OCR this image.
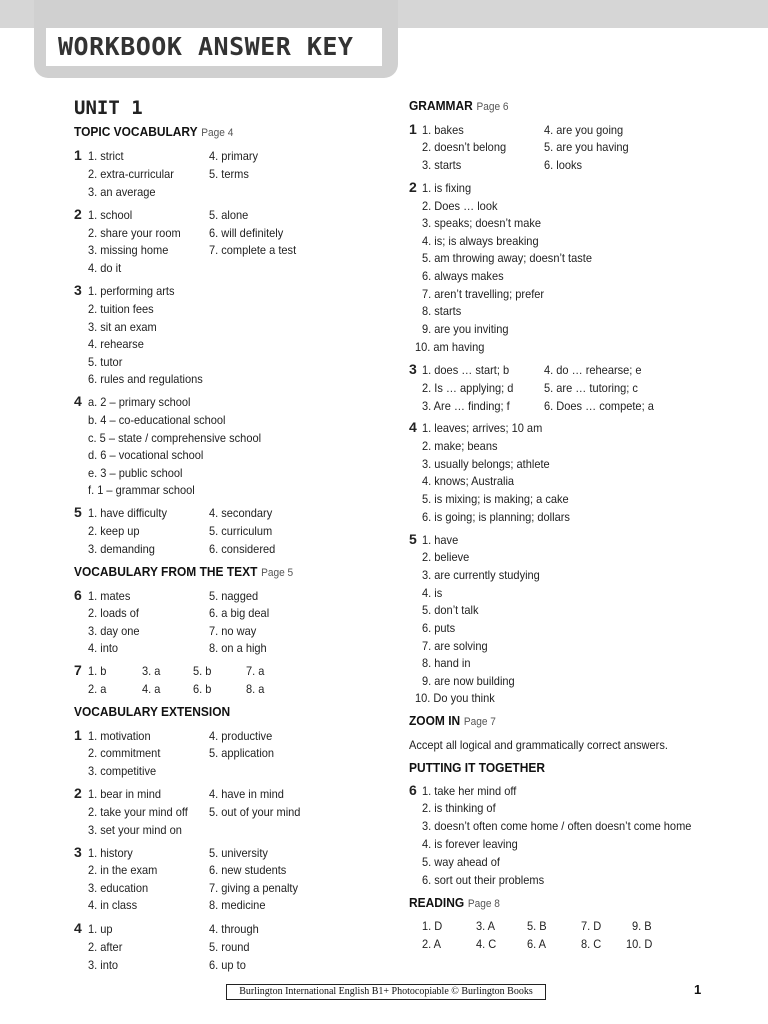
WORKBOOK ANSWER KEY
UNIT 1
TOPIC VOCABULARY Page 4
1 1. strict
2. extra-curricular
3. an average
4. primary
5. terms
2 1. school
2. share your room
3. missing home
4. do it
5. alone
6. will definitely
7. complete a test
3 1. performing arts
2. tuition fees
3. sit an exam
4. rehearse
5. tutor
6. rules and regulations
4 a. 2 – primary school
b. 4 – co-educational school
c. 5 – state / comprehensive school
d. 6 – vocational school
e. 3 – public school
f. 1 – grammar school
5 1. have difficulty
2. keep up
3. demanding
4. secondary
5. curriculum
6. considered
VOCABULARY FROM THE TEXT Page 5
6 1. mates
2. loads of
3. day one
4. into
5. nagged
6. a big deal
7. no way
8. on a high
7 1. b	3. a	5. b	7. a
2. a	4. a	6. b	8. a
VOCABULARY EXTENSION
1 1. motivation
2. commitment
3. competitive
4. productive
5. application
2 1. bear in mind
2. take your mind off
3. set your mind on
4. have in mind
5. out of your mind
3 1. history
2. in the exam
3. education
4. in class
5. university
6. new students
7. giving a penalty
8. medicine
4 1. up
2. after
3. into
4. through
5. round
6. up to
GRAMMAR Page 6
1 1. bakes
2. doesn’t belong
3. starts
4. are you going
5. are you having
6. looks
2 1. is fixing
2. Does … look
3. speaks; doesn’t make
4. is; is always breaking
5. am throwing away; doesn’t taste
6. always makes
7. aren’t travelling; prefer
8. starts
9. are you inviting
10. am having
3 1. does … start; b
2. Is … applying; d
3. Are … finding; f
4. do … rehearse; e
5. are … tutoring; c
6. Does … compete; a
4 1. leaves; arrives; 10 am
2. make; beans
3. usually belongs; athlete
4. knows; Australia
5. is mixing; is making; a cake
6. is going; is planning; dollars
5 1. have
2. believe
3. are currently studying
4. is
5. don’t talk
6. puts
7. are solving
8. hand in
9. are now building
10. Do you think
ZOOM IN Page 7
Accept all logical and grammatically correct answers.
PUTTING IT TOGETHER
6 1. take her mind off
2. is thinking of
3. doesn’t often come home / often doesn’t come home
4. is forever leaving
5. way ahead of
6. sort out their problems
READING Page 8
1. D	3. A	5. B	7. D	9. B
2. A	4. C	6. A	8. C 10. D
Burlington International English B1+ Photocopiable © Burlington Books	1
